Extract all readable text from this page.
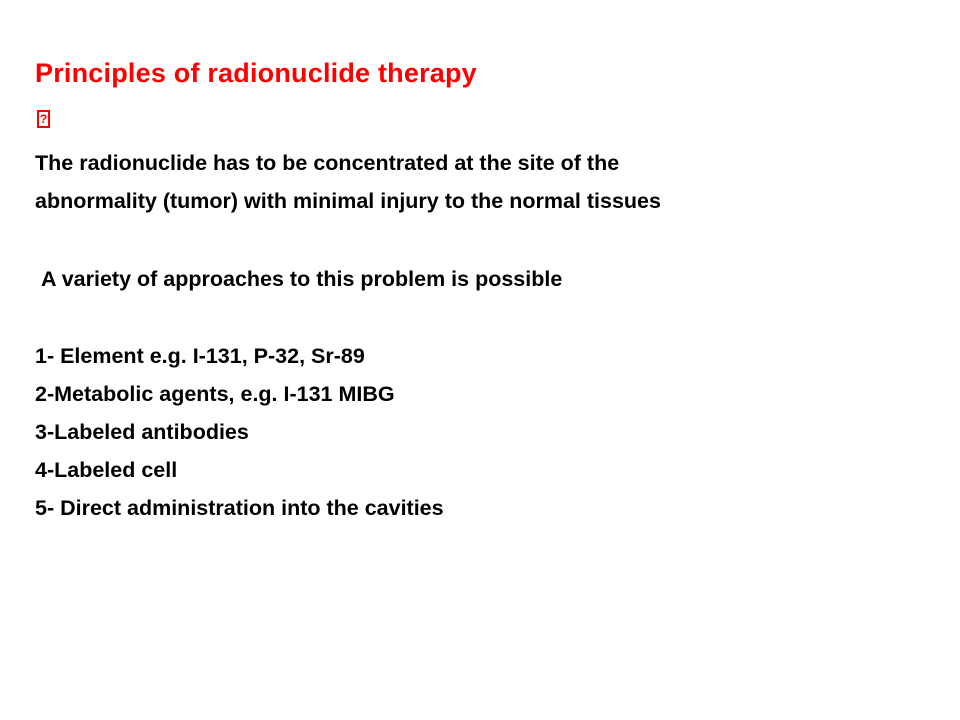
Principles of radionuclide therapy
?
The radionuclide has to be concentrated at the site of the
abnormality (tumor) with minimal injury to the normal tissues
A variety of approaches to this problem is possible
1- Element e.g. I-131, P-32, Sr-89
2-Metabolic agents, e.g. I-131 MIBG
3-Labeled antibodies
4-Labeled cell
5- Direct administration into the cavities
